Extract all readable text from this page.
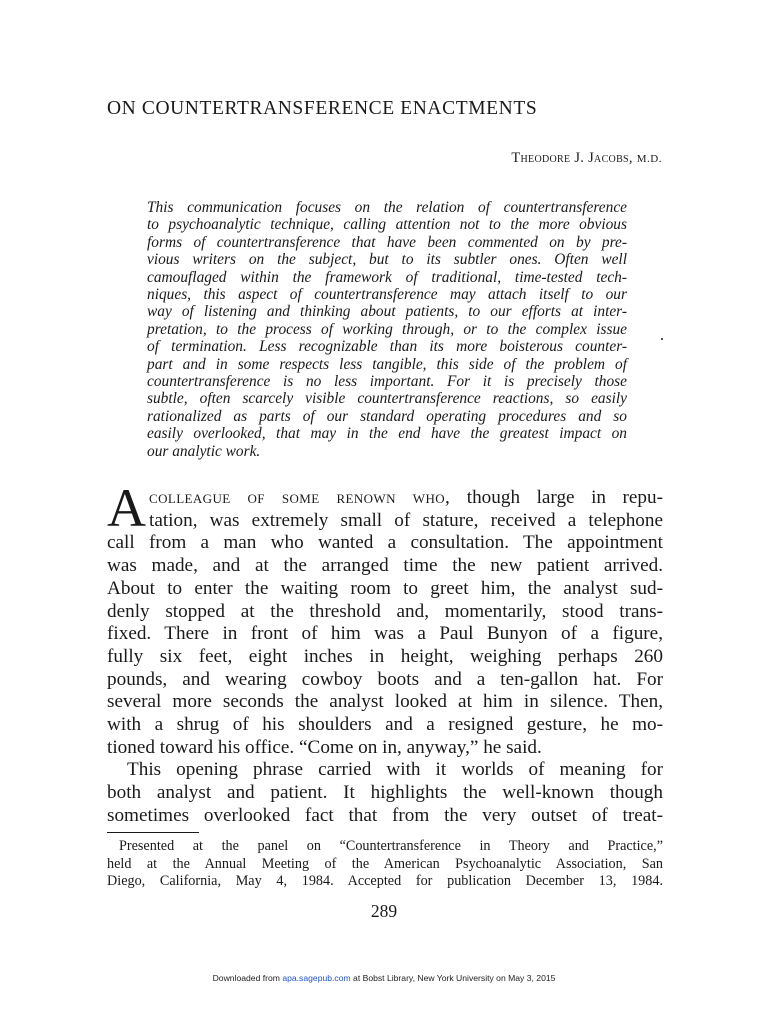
ON COUNTERTRANSFERENCE ENACTMENTS
Theodore J. Jacobs, M.D.
This communication focuses on the relation of countertransference
to psychoanalytic technique, calling attention not to the more obvious
forms of countertransference that have been commented on by pre-
vious writers on the subject, but to its subtler ones. Often well
camouflaged within the framework of traditional, time-tested tech-
niques, this aspect of countertransference may attach itself to our
way of listening and thinking about patients, to our efforts at inter-
pretation, to the process of working through, or to the complex issue
of termination. Less recognizable than its more boisterous counter-
part and in some respects less tangible, this side of the problem of
countertransference is no less important. For it is precisely those
subtle, often scarcely visible countertransference reactions, so easily
rationalized as parts of our standard operating procedures and so
easily overlooked, that may in the end have the greatest impact on
our analytic work.
A colleague of some renown who, though large in repu-
tation, was extremely small of stature, received a telephone
call from a man who wanted a consultation. The appointment
was made, and at the arranged time the new patient arrived.
About to enter the waiting room to greet him, the analyst sud-
denly stopped at the threshold and, momentarily, stood trans-
fixed. There in front of him was a Paul Bunyon of a figure,
fully six feet, eight inches in height, weighing perhaps 260
pounds, and wearing cowboy boots and a ten-gallon hat. For
several more seconds the analyst looked at him in silence. Then,
with a shrug of his shoulders and a resigned gesture, he mo-
tioned toward his office. “Come on in, anyway,” he said.
This opening phrase carried with it worlds of meaning for
both analyst and patient. It highlights the well-known though
sometimes overlooked fact that from the very outset of treat-
Presented at the panel on “Countertransference in Theory and Practice,”
held at the Annual Meeting of the American Psychoanalytic Association, San
Diego, California, May 4, 1984. Accepted for publication December 13, 1984.
289
Downloaded from apa.sagepub.com at Bobst Library, New York University on May 3, 2015
